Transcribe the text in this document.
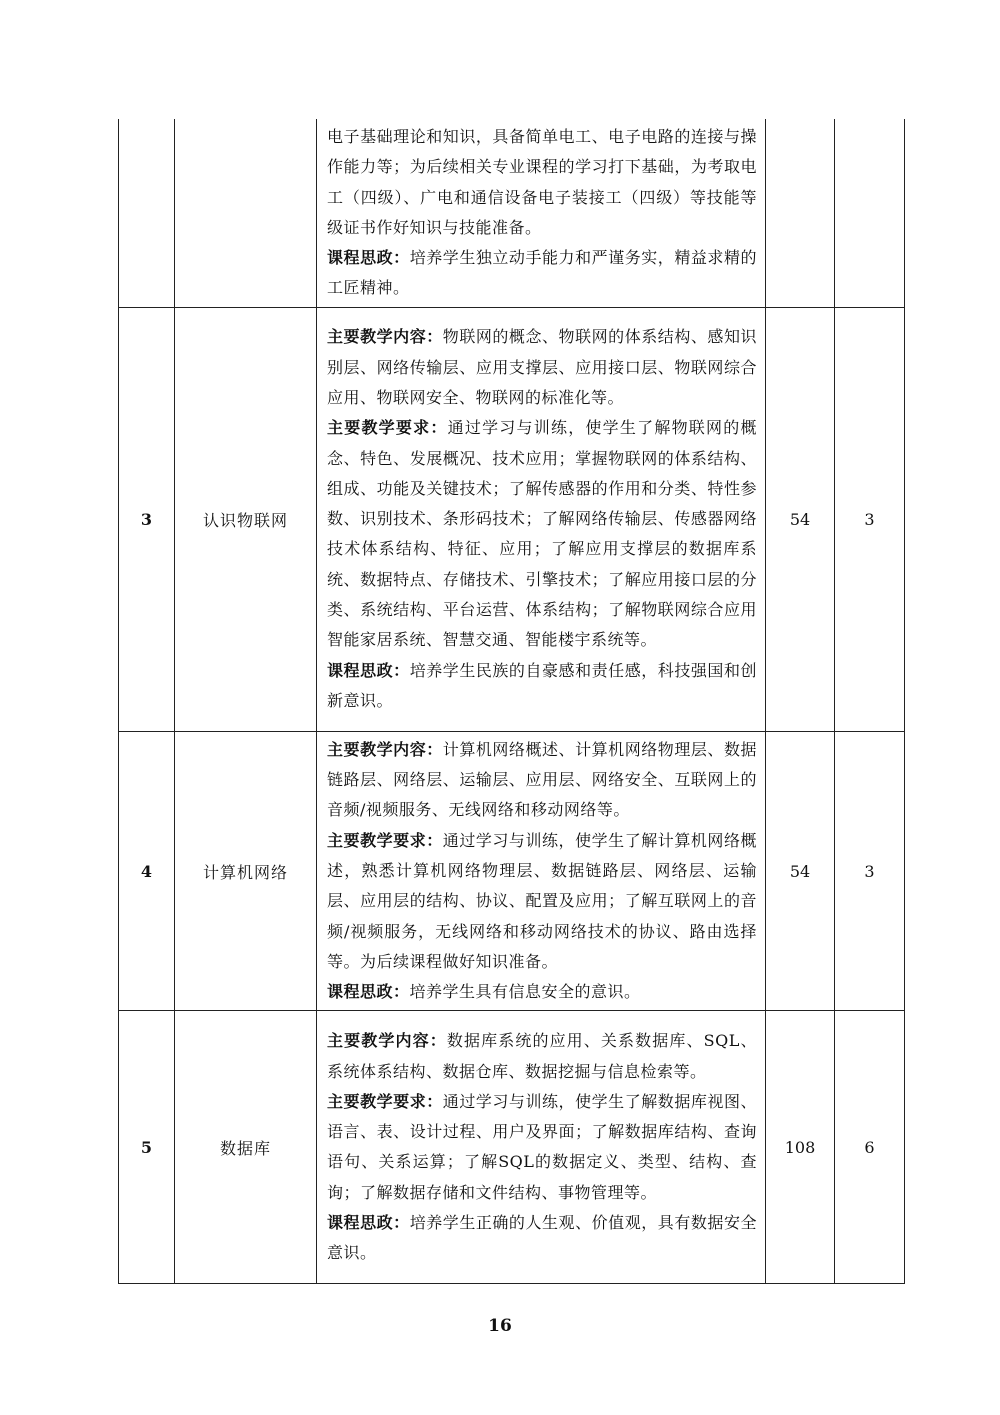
		电子基础理论和知识，具备简单电工、电子电路的连接与操作能力等；为后续相关专业课程的学习打下基础，为考取电工（四级）、广电和通信设备电子装接工（四级）等技能等级证书作好知识与技能准备。

课程思政：培养学生独立动手能力和严谨务实，精益求精的工匠精神。		

3	认识物联网	主要教学内容：物联网的概念、物联网的体系结构、感知识别层、网络传输层、应用支撑层、应用接口层、物联网综合应用、物联网安全、物联网的标准化等。

主要教学要求：通过学习与训练，使学生了解物联网的概念、特色、发展概况、技术应用；掌握物联网的体系结构、组成、功能及关键技术；了解传感器的作用和分类、特性参数、识别技术、条形码技术；了解网络传输层、传感器网络技术体系结构、特征、应用；了解应用支撑层的数据库系统、数据特点、存储技术、引擎技术；了解应用接口层的分类、系统结构、平台运营、体系结构；了解物联网综合应用智能家居系统、智慧交通、智能楼宇系统等。

课程思政：培养学生民族的自豪感和责任感，科技强国和创新意识。	54	3
4	计算机网络	主要教学内容：计算机网络概述、计算机网络物理层、数据链路层、网络层、运输层、应用层、网络安全、互联网上的音频/视频服务、无线网络和移动网络等。

主要教学要求：通过学习与训练，使学生了解计算机网络概述，熟悉计算机网络物理层、数据链路层、网络层、运输层、应用层的结构、协议、配置及应用；了解互联网上的音频/视频服务，无线网络和移动网络技术的协议、路由选择等。为后续课程做好知识准备。

课程思政：培养学生具有信息安全的意识。	54	3
5	数据库	主要教学内容：数据库系统的应用、关系数据库、SQL、系统体系结构、数据仓库、数据挖掘与信息检索等。

主要教学要求：通过学习与训练，使学生了解数据库视图、语言、表、设计过程、用户及界面；了解数据库结构、查询语句、关系运算；了解SQL的数据定义、类型、结构、查询；了解数据存储和文件结构、事物管理等。

课程思政：培养学生正确的人生观、价值观，具有数据安全意识。	108	6
16
